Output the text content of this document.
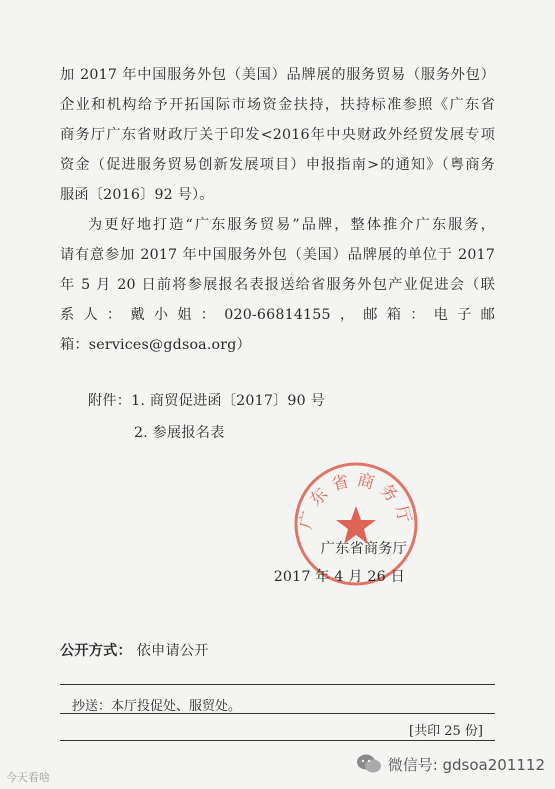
加 2017 年中国服务外包（美国）品牌展的服务贸易（服务外包）
企业和机构给予开拓国际市场资金扶持，扶持标准参照《广东省
商务厅广东省财政厅关于印发<2016年中央财政外经贸发展专项
资金（促进服务贸易创新发展项目）申报指南>的通知》（粤商务
服函〔2016〕92 号）。
为更好地打造“广东服务贸易”品牌，整体推介广东服务，
请有意参加 2017 年中国服务外包（美国）品牌展的单位于 2017
年 5 月 20 日前将参展报名表报送给省服务外包产业促进会（联
系人：戴小姐：020-66814155，邮箱：电子邮
箱：services@gdsoa.org）
附件：1. 商贸促进函〔2017〕90 号
2. 参展报名表
广东省商务厅
广东省商务厅
2017 年 4 月 26 日
公开方式： 依申请公开
抄送：本厅投促处、服贸处。
[共印 25 份]
今天看啥
微信号: gdsoa201112
